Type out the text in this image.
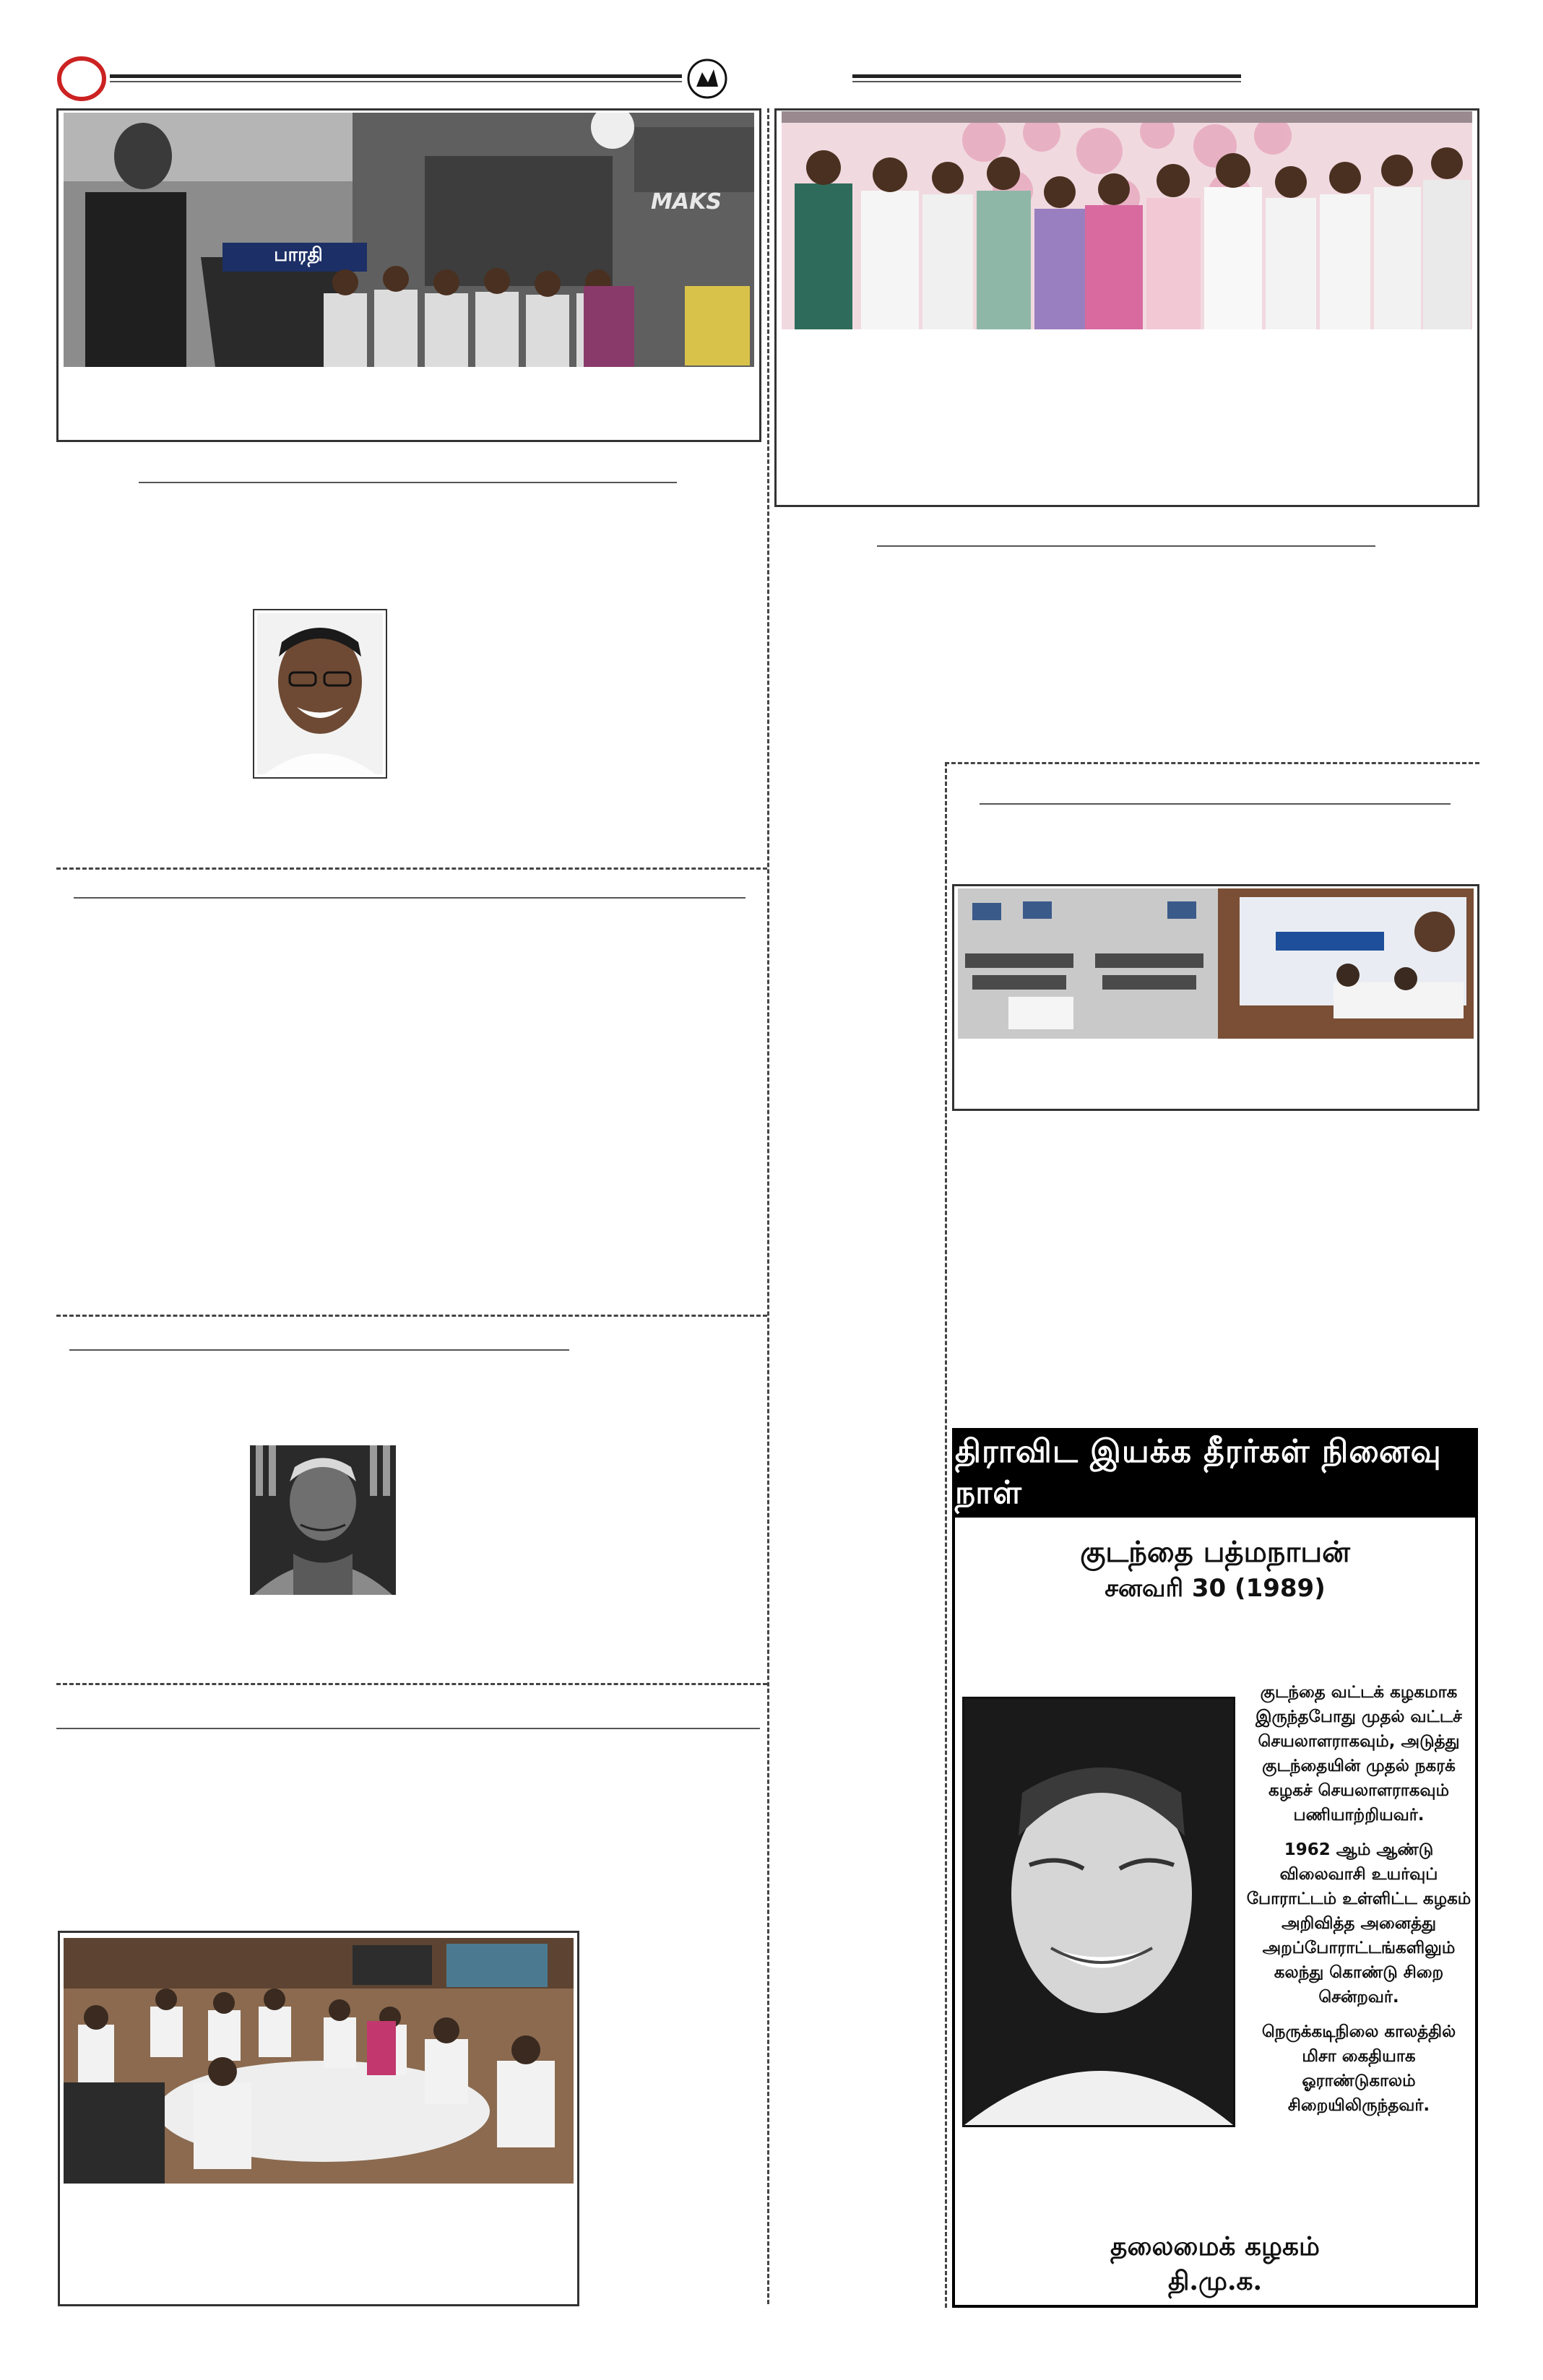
பாரதி
MAKS
திராவிட இயக்க தீரர்கள் நினைவு நாள்
குடந்தை பத்மநாபன்
சனவரி 30 (1989)

குடந்தை வட்டக் கழகமாக இருந்தபோது முதல் வட்டச் செயலாளராகவும், அடுத்து குடந்தையின் முதல் நகரக் கழகச் செயலாளராகவும் பணியாற்றியவர்.

1962 ஆம் ஆண்டு விலைவாசி உயர்வுப் போராட்டம் உள்ளிட்ட கழகம் அறிவித்த அனைத்து அறப்போராட்டங்களிலும் கலந்து கொண்டு சிறை சென்றவர்.

நெருக்கடிநிலை காலத்தில் மிசா கைதியாக ஓராண்டுகாலம் சிறையிலிருந்தவர்.

தலைமைக் கழகம்
தி.மு.க.
